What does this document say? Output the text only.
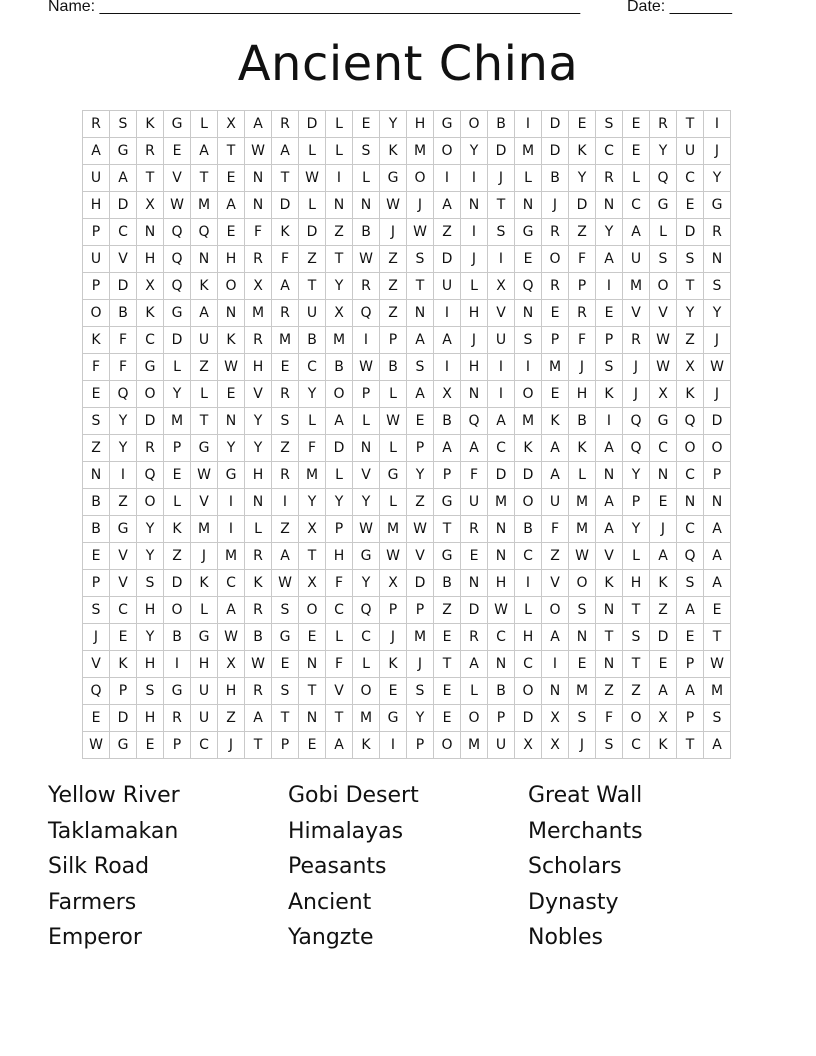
Name: ______________________________________________________	Date: _______
Ancient China
R	S	K	G	L	X	A	R	D	L	E	Y	H	G	O	B	I	D	E	S	E	R	T	I
A	G	R	E	A	T	W	A	L	L	S	K	M	O	Y	D	M	D	K	C	E	Y	U	J
U	A	T	V	T	E	N	T	W	I	L	G	O	I	I	J	L	B	Y	R	L	Q	C	Y
H	D	X	W	M	A	N	D	L	N	N	W	J	A	N	T	N	J	D	N	C	G	E	G
P	C	N	Q	Q	E	F	K	D	Z	B	J	W	Z	I	S	G	R	Z	Y	A	L	D	R
U	V	H	Q	N	H	R	F	Z	T	W	Z	S	D	J	I	E	O	F	A	U	S	S	N
P	D	X	Q	K	O	X	A	T	Y	R	Z	T	U	L	X	Q	R	P	I	M	O	T	S
O	B	K	G	A	N	M	R	U	X	Q	Z	N	I	H	V	N	E	R	E	V	V	Y	Y
K	F	C	D	U	K	R	M	B	M	I	P	A	A	J	U	S	P	F	P	R	W	Z	J
F	F	G	L	Z	W	H	E	C	B	W	B	S	I	H	I	I	M	J	S	J	W	X	W
E	Q	O	Y	L	E	V	R	Y	O	P	L	A	X	N	I	O	E	H	K	J	X	K	J
S	Y	D	M	T	N	Y	S	L	A	L	W	E	B	Q	A	M	K	B	I	Q	G	Q	D
Z	Y	R	P	G	Y	Y	Z	F	D	N	L	P	A	A	C	K	A	K	A	Q	C	O	O
N	I	Q	E	W	G	H	R	M	L	V	G	Y	P	F	D	D	A	L	N	Y	N	C	P
B	Z	O	L	V	I	N	I	Y	Y	Y	L	Z	G	U	M	O	U	M	A	P	E	N	N
B	G	Y	K	M	I	L	Z	X	P	W	M	W	T	R	N	B	F	M	A	Y	J	C	A
E	V	Y	Z	J	M	R	A	T	H	G	W	V	G	E	N	C	Z	W	V	L	A	Q	A
P	V	S	D	K	C	K	W	X	F	Y	X	D	B	N	H	I	V	O	K	H	K	S	A
S	C	H	O	L	A	R	S	O	C	Q	P	P	Z	D	W	L	O	S	N	T	Z	A	E
J	E	Y	B	G	W	B	G	E	L	C	J	M	E	R	C	H	A	N	T	S	D	E	T
V	K	H	I	H	X	W	E	N	F	L	K	J	T	A	N	C	I	E	N	T	E	P	W
Q	P	S	G	U	H	R	S	T	V	O	E	S	E	L	B	O	N	M	Z	Z	A	A	M
E	D	H	R	U	Z	A	T	N	T	M	G	Y	E	O	P	D	X	S	F	O	X	P	S
W	G	E	P	C	J	T	P	E	A	K	I	P	O	M	U	X	X	J	S	C	K	T	A
Yellow River	Gobi Desert	Great Wall
Taklamakan	Himalayas	Merchants
Silk Road	Peasants	Scholars
Farmers	Ancient	Dynasty
Emperor	Yangzte	Nobles
